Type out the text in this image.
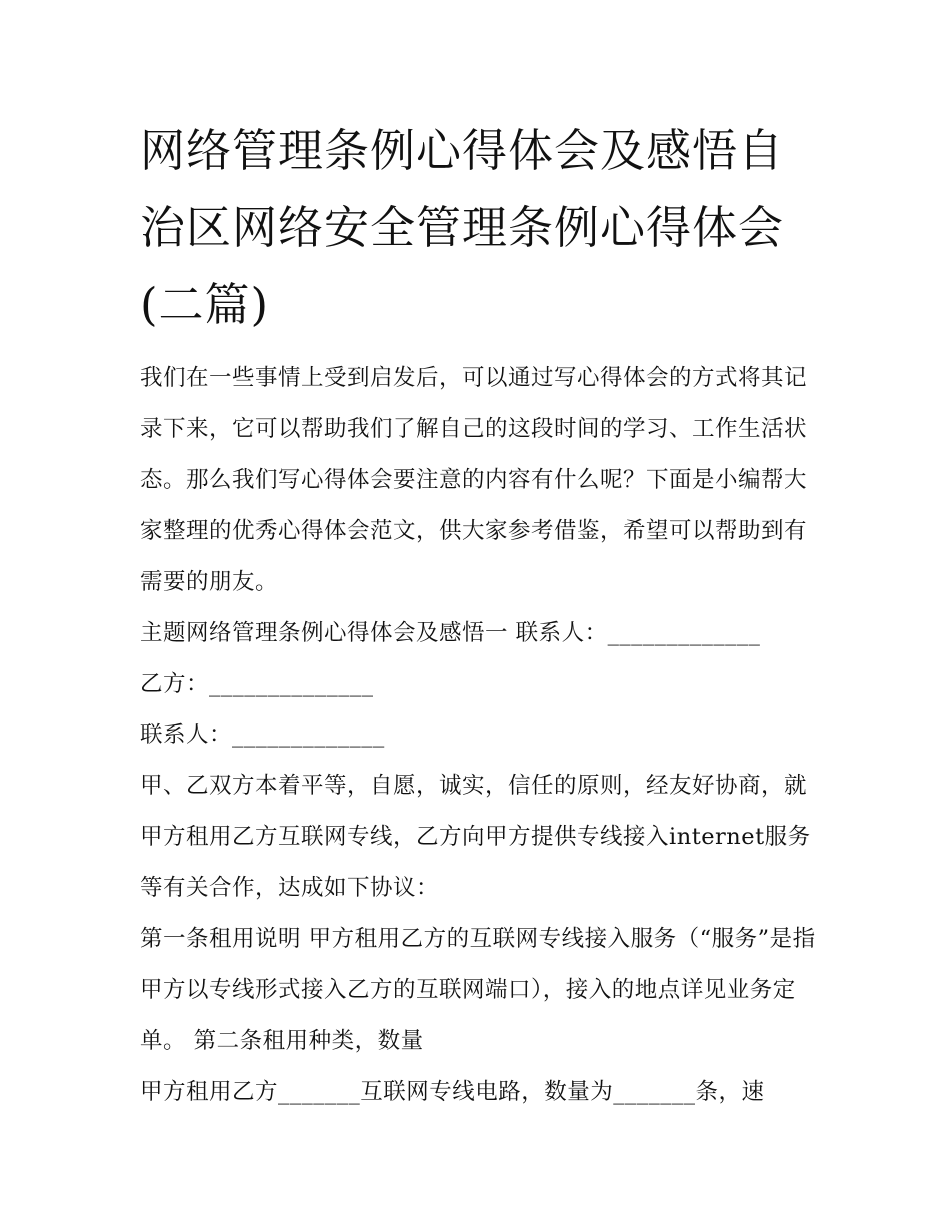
网络管理条例心得体会及感悟自治区网络安全管理条例心得体会(二篇)

我们在一些事情上受到启发后，可以通过写心得体会的方式将其记录下来，它可以帮助我们了解自己的这段时间的学习、工作生活状态。那么我们写心得体会要注意的内容有什么呢？下面是小编帮大家整理的优秀心得体会范文，供大家参考借鉴，希望可以帮助到有需要的朋友。

主题网络管理条例心得体会及感悟一 联系人：_____________

乙方：______________

联系人：_____________

甲、乙双方本着平等，自愿，诚实，信任的原则，经友好协商，就甲方租用乙方互联网专线，乙方向甲方提供专线接入internet服务等有关合作，达成如下协议：

第一条租用说明 甲方租用乙方的互联网专线接入服务（“服务”是指甲方以专线形式接入乙方的互联网端口），接入的地点详见业务定单。 第二条租用种类，数量

甲方租用乙方_______互联网专线电路，数量为_______条，速
